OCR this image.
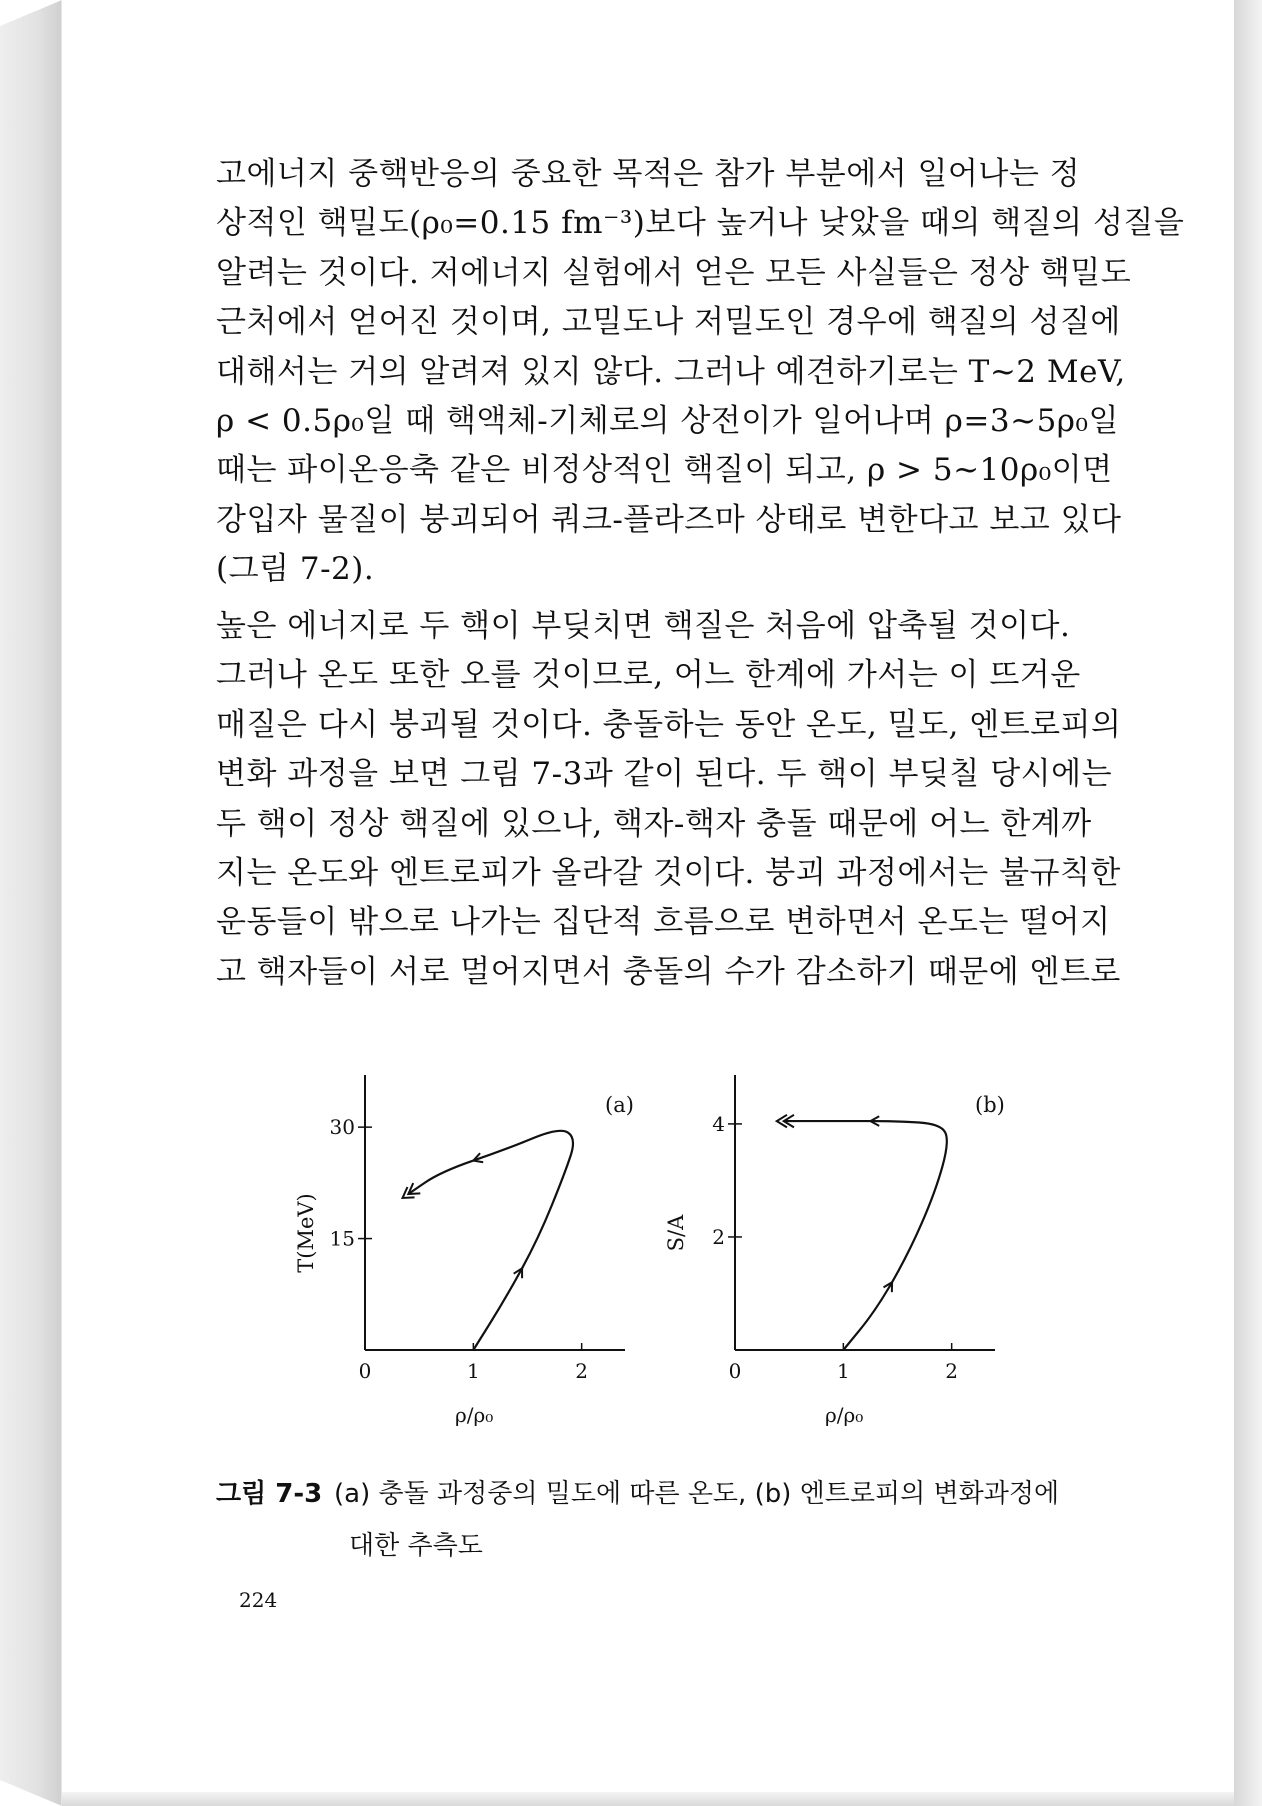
고에너지 중핵반응의 중요한 목적은 참가 부분에서 일어나는 정
상적인 핵밀도(ρ₀=0.15 fm⁻³)보다 높거나 낮았을 때의 핵질의 성질을
알려는 것이다. 저에너지 실험에서 얻은 모든 사실들은 정상 핵밀도
근처에서 얻어진 것이며, 고밀도나 저밀도인 경우에 핵질의 성질에
대해서는 거의 알려져 있지 않다. 그러나 예견하기로는 T~2 MeV,
ρ < 0.5ρ₀일 때 핵액체-기체로의 상전이가 일어나며 ρ=3~5ρ₀일
때는 파이온응축 같은 비정상적인 핵질이 되고, ρ > 5~10ρ₀이면
강입자 물질이 붕괴되어 쿼크-플라즈마 상태로 변한다고 보고 있다
(그림 7-2).
높은 에너지로 두 핵이 부딪치면 핵질은 처음에 압축될 것이다.
그러나 온도 또한 오를 것이므로, 어느 한계에 가서는 이 뜨거운
매질은 다시 붕괴될 것이다. 충돌하는 동안 온도, 밀도, 엔트로피의
변화 과정을 보면 그림 7-3과 같이 된다. 두 핵이 부딪칠 당시에는
두 핵이 정상 핵질에 있으나, 핵자-핵자 충돌 때문에 어느 한계까
지는 온도와 엔트로피가 올라갈 것이다. 붕괴 과정에서는 불규칙한
운동들이 밖으로 나가는 집단적 흐름으로 변하면서 온도는 떨어지
고 핵자들이 서로 멀어지면서 충돌의 수가 감소하기 때문에 엔트로
0	1	2
15
30
ρ/ρ₀
T(MeV)
(a)
0	1	2
2
4
ρ/ρ₀
S/A
(b)
그림 7-3 (a) 충돌 과정중의 밀도에 따른 온도, (b) 엔트로피의 변화과정에
대한 추측도
224
